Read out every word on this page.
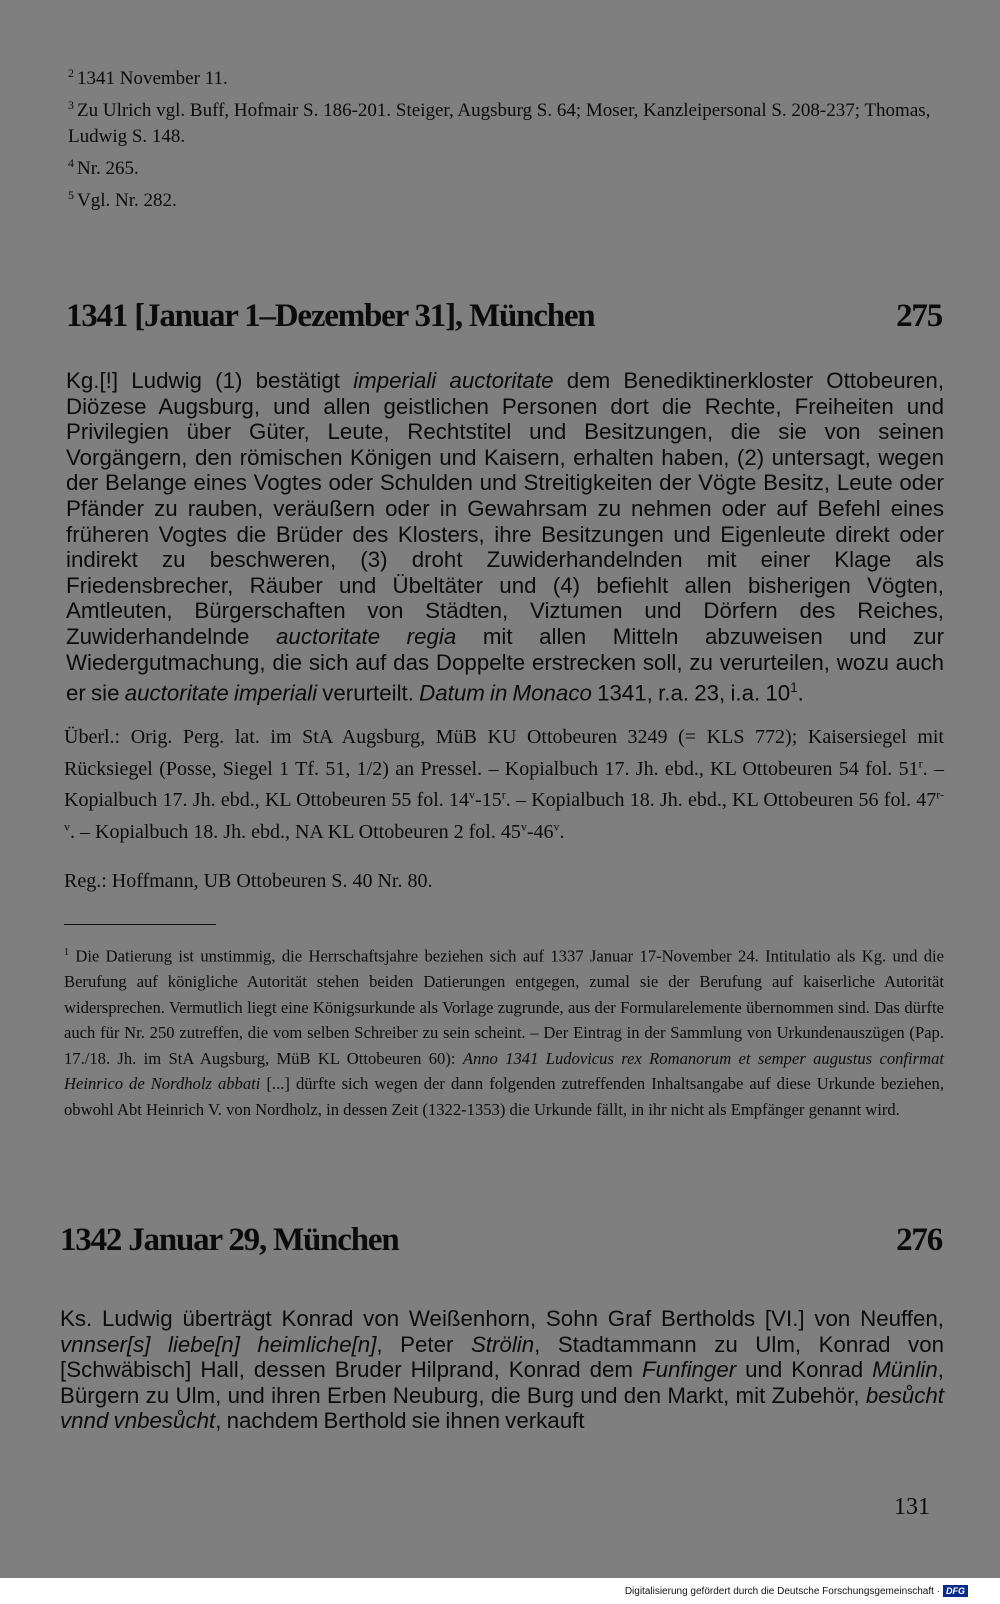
$^2$ 1341 November 11.

$^3$ Zu Ulrich vgl. Buff, Hofmair S. 186-201. Steiger, Augsburg S. 64; Moser, Kanzleipersonal S. 208-237; Thomas, Ludwig S. 148.

$^4$ Nr. 265.

$^5$ Vgl. Nr. 282.

1341 [Januar 1–Dezember 31], München	275

Kg.[!] Ludwig (1) bestätigt imperiali auctoritate dem Benediktinerkloster Ottobeuren, Diözese Augsburg, und allen geistlichen Personen dort die Rechte, Freiheiten und Privilegien über Güter, Leute, Rechtstitel und Besitzungen, die sie von seinen Vorgängern, den römischen Königen und Kaisern, erhalten haben, (2) untersagt, wegen der Belange eines Vogtes oder Schulden und Streitigkeiten der Vögte Besitz, Leute oder Pfänder zu rauben, veräußern oder in Gewahrsam zu nehmen oder auf Befehl eines früheren Vogtes die Brüder des Klosters, ihre Besitzungen und Eigenleute direkt oder indirekt zu beschweren, (3) droht Zuwiderhandelnden mit einer Klage als Friedensbrecher, Räuber und Übeltäter und (4) befiehlt allen bisherigen Vögten, Amtleuten, Bürgerschaften von Städten, Viztumen und Dörfern des Reiches, Zuwiderhandelnde auctoritate regia mit allen Mitteln abzuweisen und zur Wiedergutmachung, die sich auf das Doppelte erstrecken soll, zu verurteilen, wozu auch er sie auctoritate imperiali verurteilt. Datum in Monaco 1341, r.a. 23, i.a. $10^1$.

Überl.: Orig. Perg. lat. im StA Augsburg, MüB KU Ottobeuren 3249 (= KLS 772); Kaisersiegel mit Rücksiegel (Posse, Siegel 1 Tf. 51, 1/2) an Pressel. – Kopialbuch 17. Jh. ebd., KL Ottobeuren 54 fol. 51$^r$. – Kopialbuch 17. Jh. ebd., KL Ottobeuren 55 fol. 14$^v$-15$^r$. – Kopialbuch 18. Jh. ebd., KL Ottobeuren 56 fol. 47$^{r-v}$. – Kopialbuch 18. Jh. ebd., NA KL Ottobeuren 2 fol. 45$^v$-46$^v$.
Reg.: Hoffmann, UB Ottobeuren S. 40 Nr. 80.

$^1$ Die Datierung ist unstimmig, die Herrschaftsjahre beziehen sich auf 1337 Januar 17-November 24. Intitulatio als Kg. und die Berufung auf königliche Autorität stehen beiden Datierungen entgegen, zumal sie der Berufung auf kaiserliche Autorität widersprechen. Vermutlich liegt eine Königsurkunde als Vorlage zugrunde, aus der Formularelemente übernommen sind. Das dürfte auch für Nr. 250 zutreffen, die vom selben Schreiber zu sein scheint. – Der Eintrag in der Sammlung von Urkundenauszügen (Pap. 17./18. Jh. im StA Augsburg, MüB KL Ottobeuren 60): Anno 1341 Ludovicus rex Romanorum et semper augustus confirmat Heinrico de Nordholz abbati [...] dürfte sich wegen der dann folgenden zutreffenden Inhaltsangabe auf diese Urkunde beziehen, obwohl Abt Heinrich V. von Nordholz, in dessen Zeit (1322-1353) die Urkunde fällt, in ihr nicht als Empfänger genannt wird.

1342 Januar 29, München	276
Ks. Ludwig überträgt Konrad von Weißenhorn, Sohn Graf Bertholds [VI.] von Neuffen, vnnser[s] liebe[n] heimliche[n], Peter Strölin, Stadtammann zu Ulm, Konrad von [Schwäbisch] Hall, dessen Bruder Hilprand, Konrad dem Funfinger und Konrad Münlin, Bürgern zu Ulm, und ihren Erben Neuburg, die Burg und den Markt, mit Zubehör, besůcht vnnd vnbesůcht, nachdem Berthold sie ihnen verkauft
131
Digitalisierung gefördert durch die Deutsche Forschungsgemeinschaft · DFG
